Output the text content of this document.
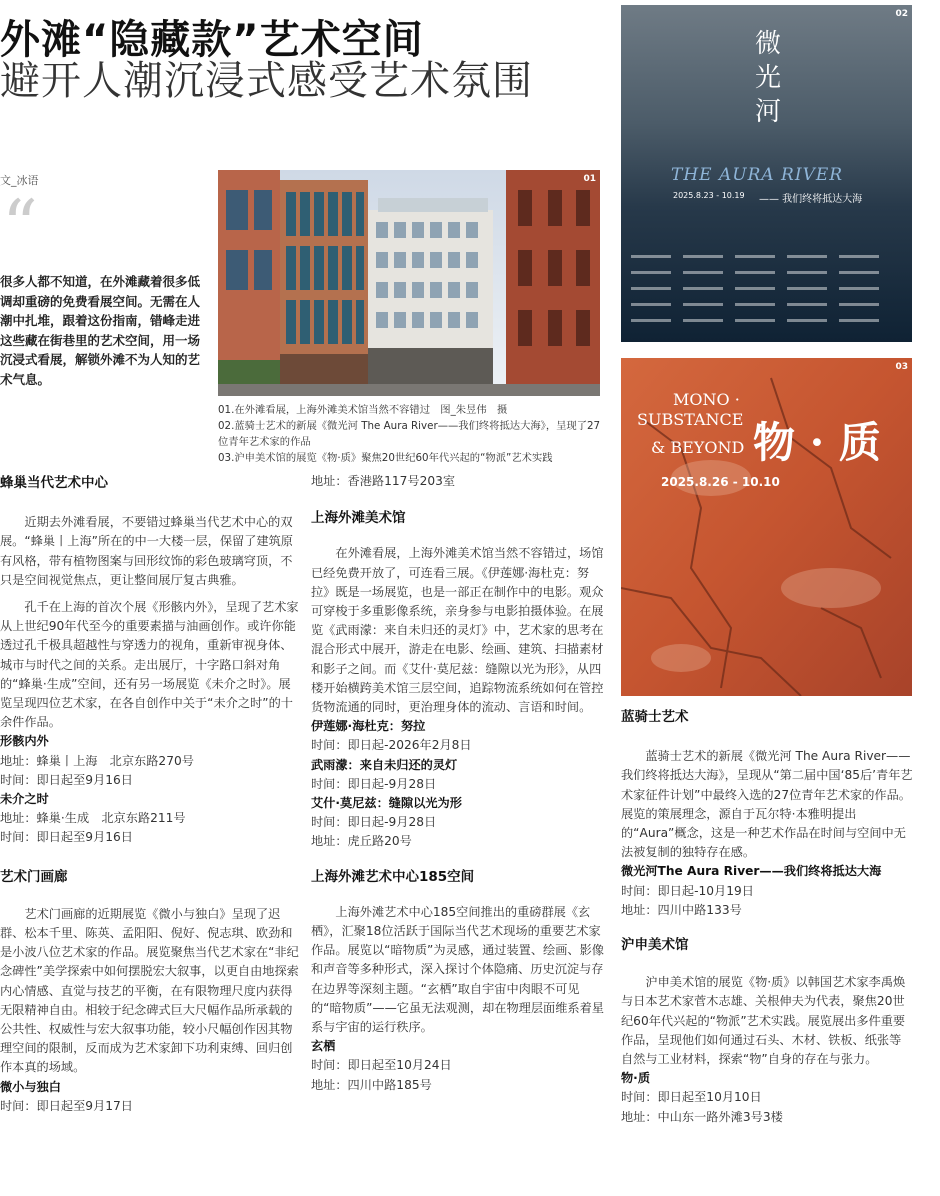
外滩“隐藏款”艺术空间
避开人潮沉浸式感受艺术氛围
文_冰语
“
很多人都不知道，在外滩藏着很多低调却重磅的免费看展空间。无需在人潮中扎堆，跟着这份指南，错峰走进这些藏在街巷里的艺术空间，用一场沉浸式看展，解锁外滩不为人知的艺术气息。
01
01.在外滩看展，上海外滩美术馆当然不容错过　图_朱昱伟　摄
02.蓝骑士艺术的新展《微光河 The Aura River——我们终将抵达大海》，呈现了27位青年艺术家的作品
03.沪申美术馆的展览《物·质》聚焦20世纪60年代兴起的“物派”艺术实践
蜂巢当代艺术中心

近期去外滩看展，不要错过蜂巢当代艺术中心的双展。“蜂巢丨上海”所在的中一大楼一层，保留了建筑原有风格，带有植物图案与回形纹饰的彩色玻璃穹顶，不只是空间视觉焦点，更让整间展厅复古典雅。

孔千在上海的首次个展《形骸内外》，呈现了艺术家从上世纪90年代至今的重要素描与油画创作。或许你能透过孔千极具超越性与穿透力的视角，重新审视身体、城市与时代之间的关系。走出展厅，十字路口斜对角的“蜂巢·生成”空间，还有另一场展览《未介之时》。展览呈现四位艺术家，在各自创作中关于“未介之时”的十余件作品。

形骸内外
地址：蜂巢丨上海　北京东路270号
时间：即日起至9月16日
未介之时
地址：蜂巢·生成　北京东路211号
时间：即日起至9月16日
艺术门画廊

艺术门画廊的近期展览《微小与独白》呈现了迟群、松本千里、陈英、孟阳阳、倪好、倪志琪、欧劲和是小波八位艺术家的作品。展览聚焦当代艺术家在“非纪念碑性”美学探索中如何摆脱宏大叙事，以更自由地探索内心情感、直觉与技艺的平衡，在有限物理尺度内获得无限精神自由。相较于纪念碑式巨大尺幅作品所承载的公共性、权威性与宏大叙事功能，较小尺幅创作因其物理空间的限制，反而成为艺术家卸下功利束缚、回归创作本真的场域。

微小与独白
时间：即日起至9月17日
地址：香港路117号203室
上海外滩美术馆

在外滩看展，上海外滩美术馆当然不容错过，场馆已经免费开放了，可连看三展。《伊莲娜·海杜克：努拉》既是一场展览，也是一部正在制作中的电影。观众可穿梭于多重影像系统，亲身参与电影拍摄体验。在展览《武雨濛：来自未归还的灵灯》中，艺术家的思考在混合形式中展开，游走在电影、绘画、建筑、扫描素材和影子之间。而《艾什·莫尼兹：缝隙以光为形》，从四楼开始横跨美术馆三层空间，追踪物流系统如何在管控货物流通的同时，更治理身体的流动、言语和时间。

伊莲娜·海杜克：努拉
时间：即日起-2026年2月8日
武雨濛：来自未归还的灵灯
时间：即日起-9月28日
艾什·莫尼兹：缝隙以光为形
时间：即日起-9月28日
地址：虎丘路20号
上海外滩艺术中心185空间

上海外滩艺术中心185空间推出的重磅群展《玄栖》，汇聚18位活跃于国际当代艺术现场的重要艺术家作品。展览以“暗物质”为灵感，通过装置、绘画、影像和声音等多种形式，深入探讨个体隐痛、历史沉淀与存在边界等深刻主题。“玄栖”取自宇宙中肉眼不可见的“暗物质”——它虽无法观测，却在物理层面维系着星系与宇宙的运行秩序。

玄栖
时间：即日起至10月24日
地址：四川中路185号
02
微光河
THE AURA RIVER
2025.8.23 - 10.19 —— 我们终将抵达大海
03
MONO ·
SUBSTANCE
& BEYOND 物 · 质
2025.8.26 - 10.10
蓝骑士艺术

蓝骑士艺术的新展《微光河 The Aura River——我们终将抵达大海》，呈现从“第二届中国‘85后’青年艺术家征件计划”中最终入选的27位青年艺术家的作品。展览的策展理念，源自于瓦尔特·本雅明提出的“Aura”概念，这是一种艺术作品在时间与空间中无法被复制的独特存在感。

微光河The Aura River——我们终将抵达大海
时间：即日起-10月19日
地址：四川中路133号
沪申美术馆

沪申美术馆的展览《物·质》以韩国艺术家李禹焕与日本艺术家菅木志雄、关根伸夫为代表，聚焦20世纪60年代兴起的“物派”艺术实践。展览展出多件重要作品，呈现他们如何通过石头、木材、铁板、纸张等自然与工业材料，探索“物”自身的存在与张力。

物·质
时间：即日起至10月10日
地址：中山东一路外滩3号3楼
